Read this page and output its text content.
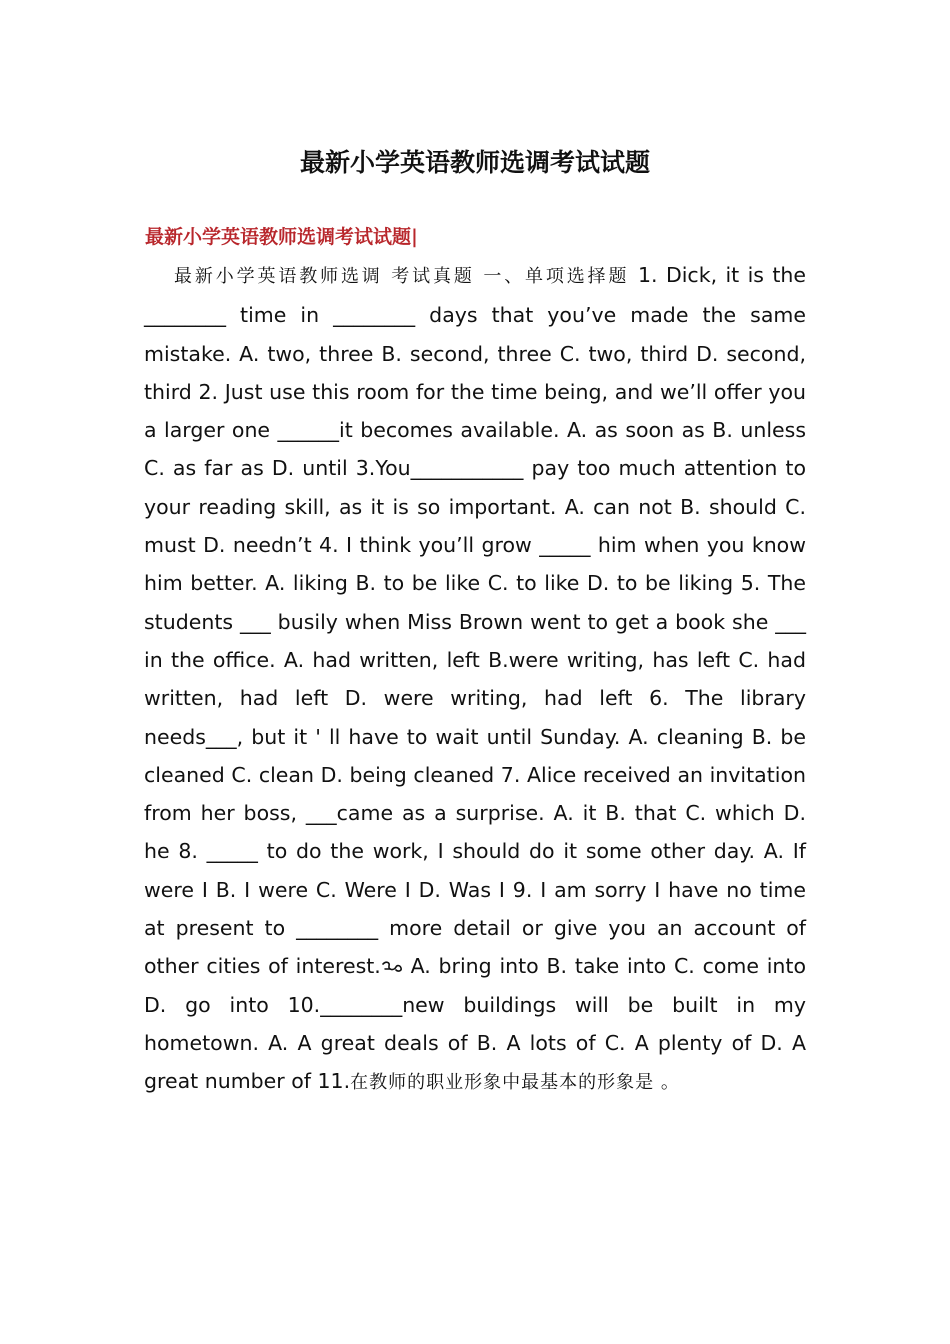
最新小学英语教师选调考试试题
最新小学英语教师选调考试试题|

最新小学英语教师选调 考试真题 一、单项选择题 1. Dick, it is the ________ time in ________ days that you’ve made the same mistake. A. two, three B. second, three C. two, third D. second, third 2. Just use this room for the time being, and we’ll offer you a larger one ______it becomes available. A. as soon as B. unless C. as far as D. until 3.You___________ pay too much attention to your reading skill, as it is so important. A. can not B. should C. must D. needn’t 4. I think you’ll grow _____ him when you know him better. A. liking B. to be like C. to like D. to be liking 5. The students ___ busily when Miss Brown went to get a book she ___ in the office. A. had written, left B.were writing, has left C. had written, had left D. were writing, had left 6. The library needs___, but it ' ll have to wait until Sunday. A. cleaning B. be cleaned C. clean D. being cleaned 7. Alice received an invitation from her boss, ___came as a surprise. A. it B. that C. which D. he 8. _____ to do the work, I should do it some other day. A. If were I B. I were C. Were I D. Was I 9. I am sorry I have no time at present to ________ more detail or give you an account of other cities of interest. A. bring into B. take into C. come into D. go into 10.________new buildings will be built in my hometown. A. A great deals of B. A lots of C. A plenty of D. A great number of 11.在教师的职业形象中最基本的形象是 。
